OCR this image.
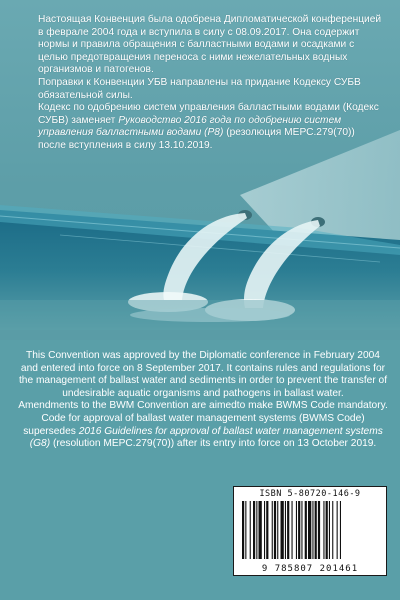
Настоящая Конвенция была одобрена Дипломатической конференцией в феврале 2004 года и вступила в силу с 08.09.2017. Она содержит нормы и правила обращения с балластными водами и осадками с целью предотвращения переноса с ними нежелательных водных организмов и патогенов.

Поправки к Конвенции УБВ направлены на придание Кодексу СУБВ обязательной силы.

Кодекс по одобрению систем управления балластными водами (Кодекс СУБВ) заменяет Руководство 2016 года по одобрению систем управления балластными водами (Р8) (резолюция МЕРС.279(70)) после вступления в силу 13.10.2019.

This Convention was approved by the Diplomatic conference in February 2004 and entered into force on 8 September 2017. It contains rules and regulations for the management of ballast water and sediments in order to prevent the transfer of undesirable aquatic organisms and pathogens in ballast water.

Amendments to the BWM Convention are aimedto make BWMS Code mandatory.

Code for approval of ballast water management systems (BWMS Code) supersedes 2016 Guidelines for approval of ballast water management systems (G8) (resolution MEPC.279(70)) after its entry into force on 13 October 2019.

ISBN 5-80720-146-9
9 785807 201461
